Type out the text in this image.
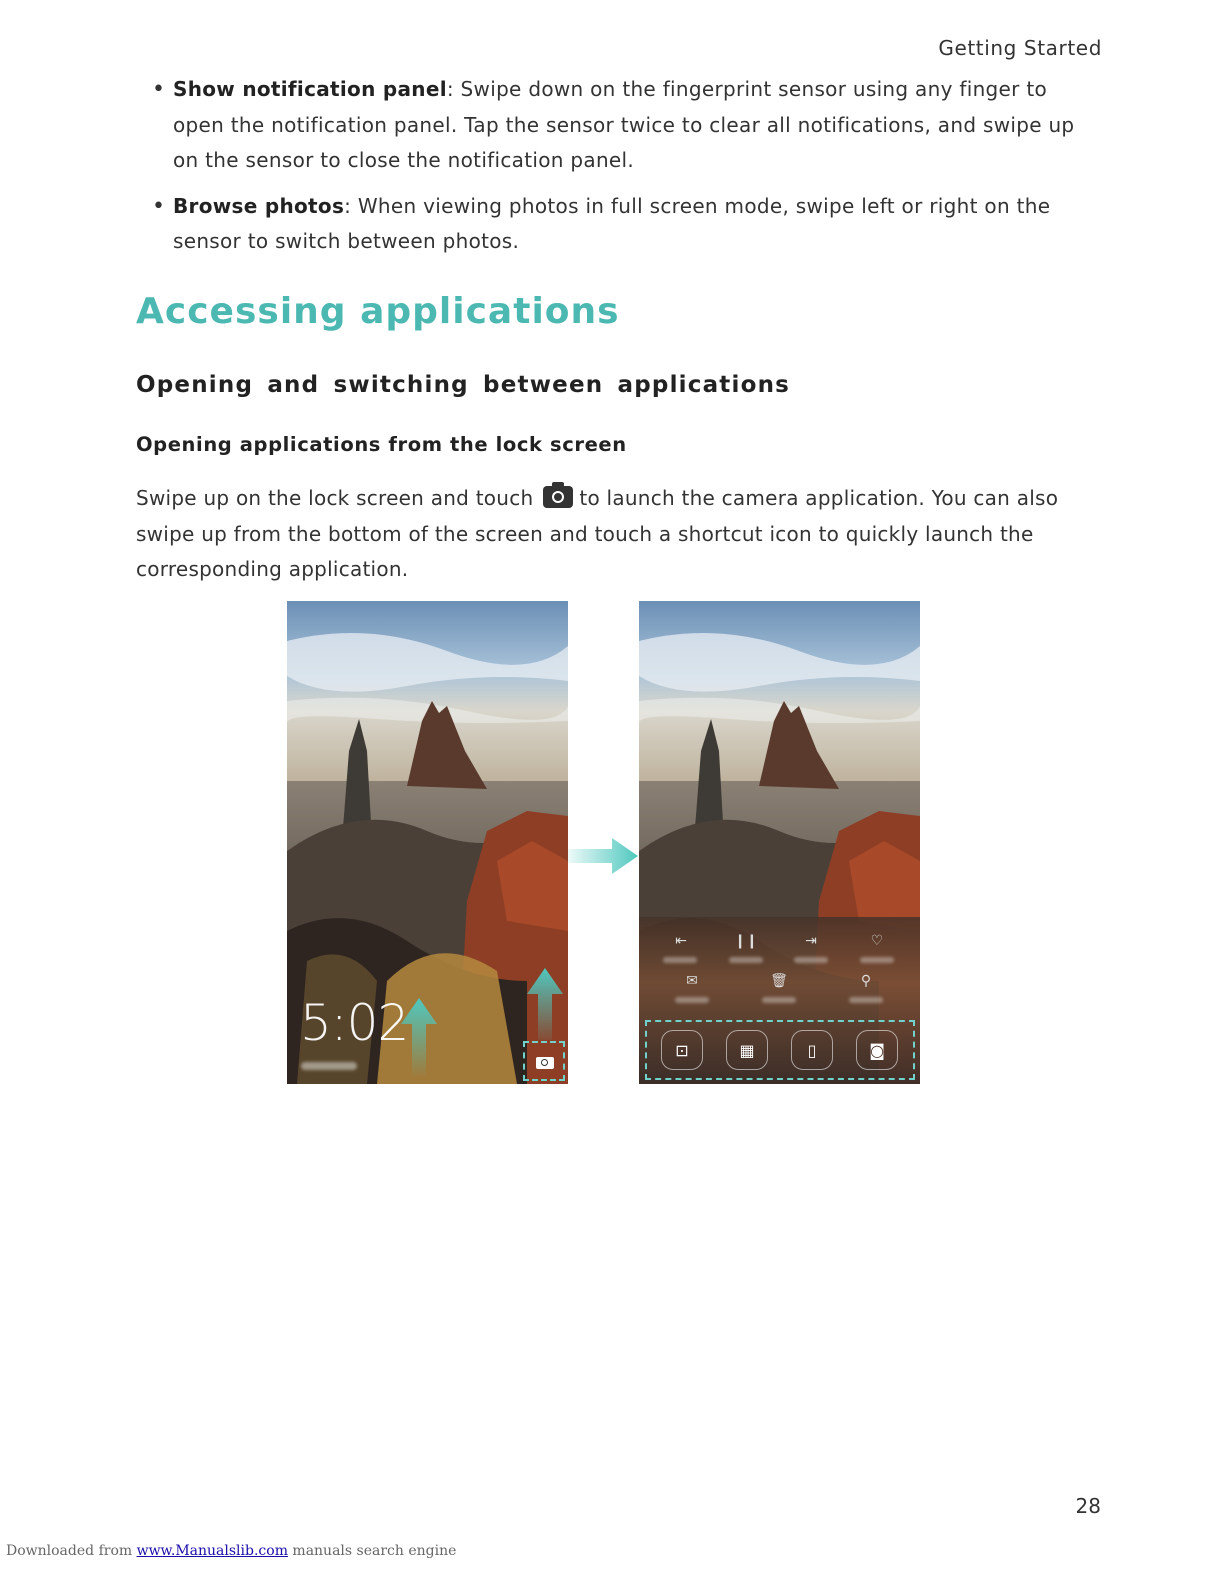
Getting Started
• Show notification panel: Swipe down on the fingerprint sensor using any finger to open the notification panel. Tap the sensor twice to clear all notifications, and swipe up on the sensor to close the notification panel.
• Browse photos: When viewing photos in full screen mode, swipe left or right on the sensor to switch between photos.
Accessing applications
Opening and switching between applications
Opening applications from the lock screen

Swipe up on the lock screen and touch to launch the camera application. You can also swipe up from the bottom of the screen and touch a shortcut icon to quickly launch the corresponding application.

5:02
⇤	❙❙	⇥	♡
✉	🗑	⚲
⊡	▦	▯	◙
28
Downloaded from www.Manualslib.com manuals search engine
